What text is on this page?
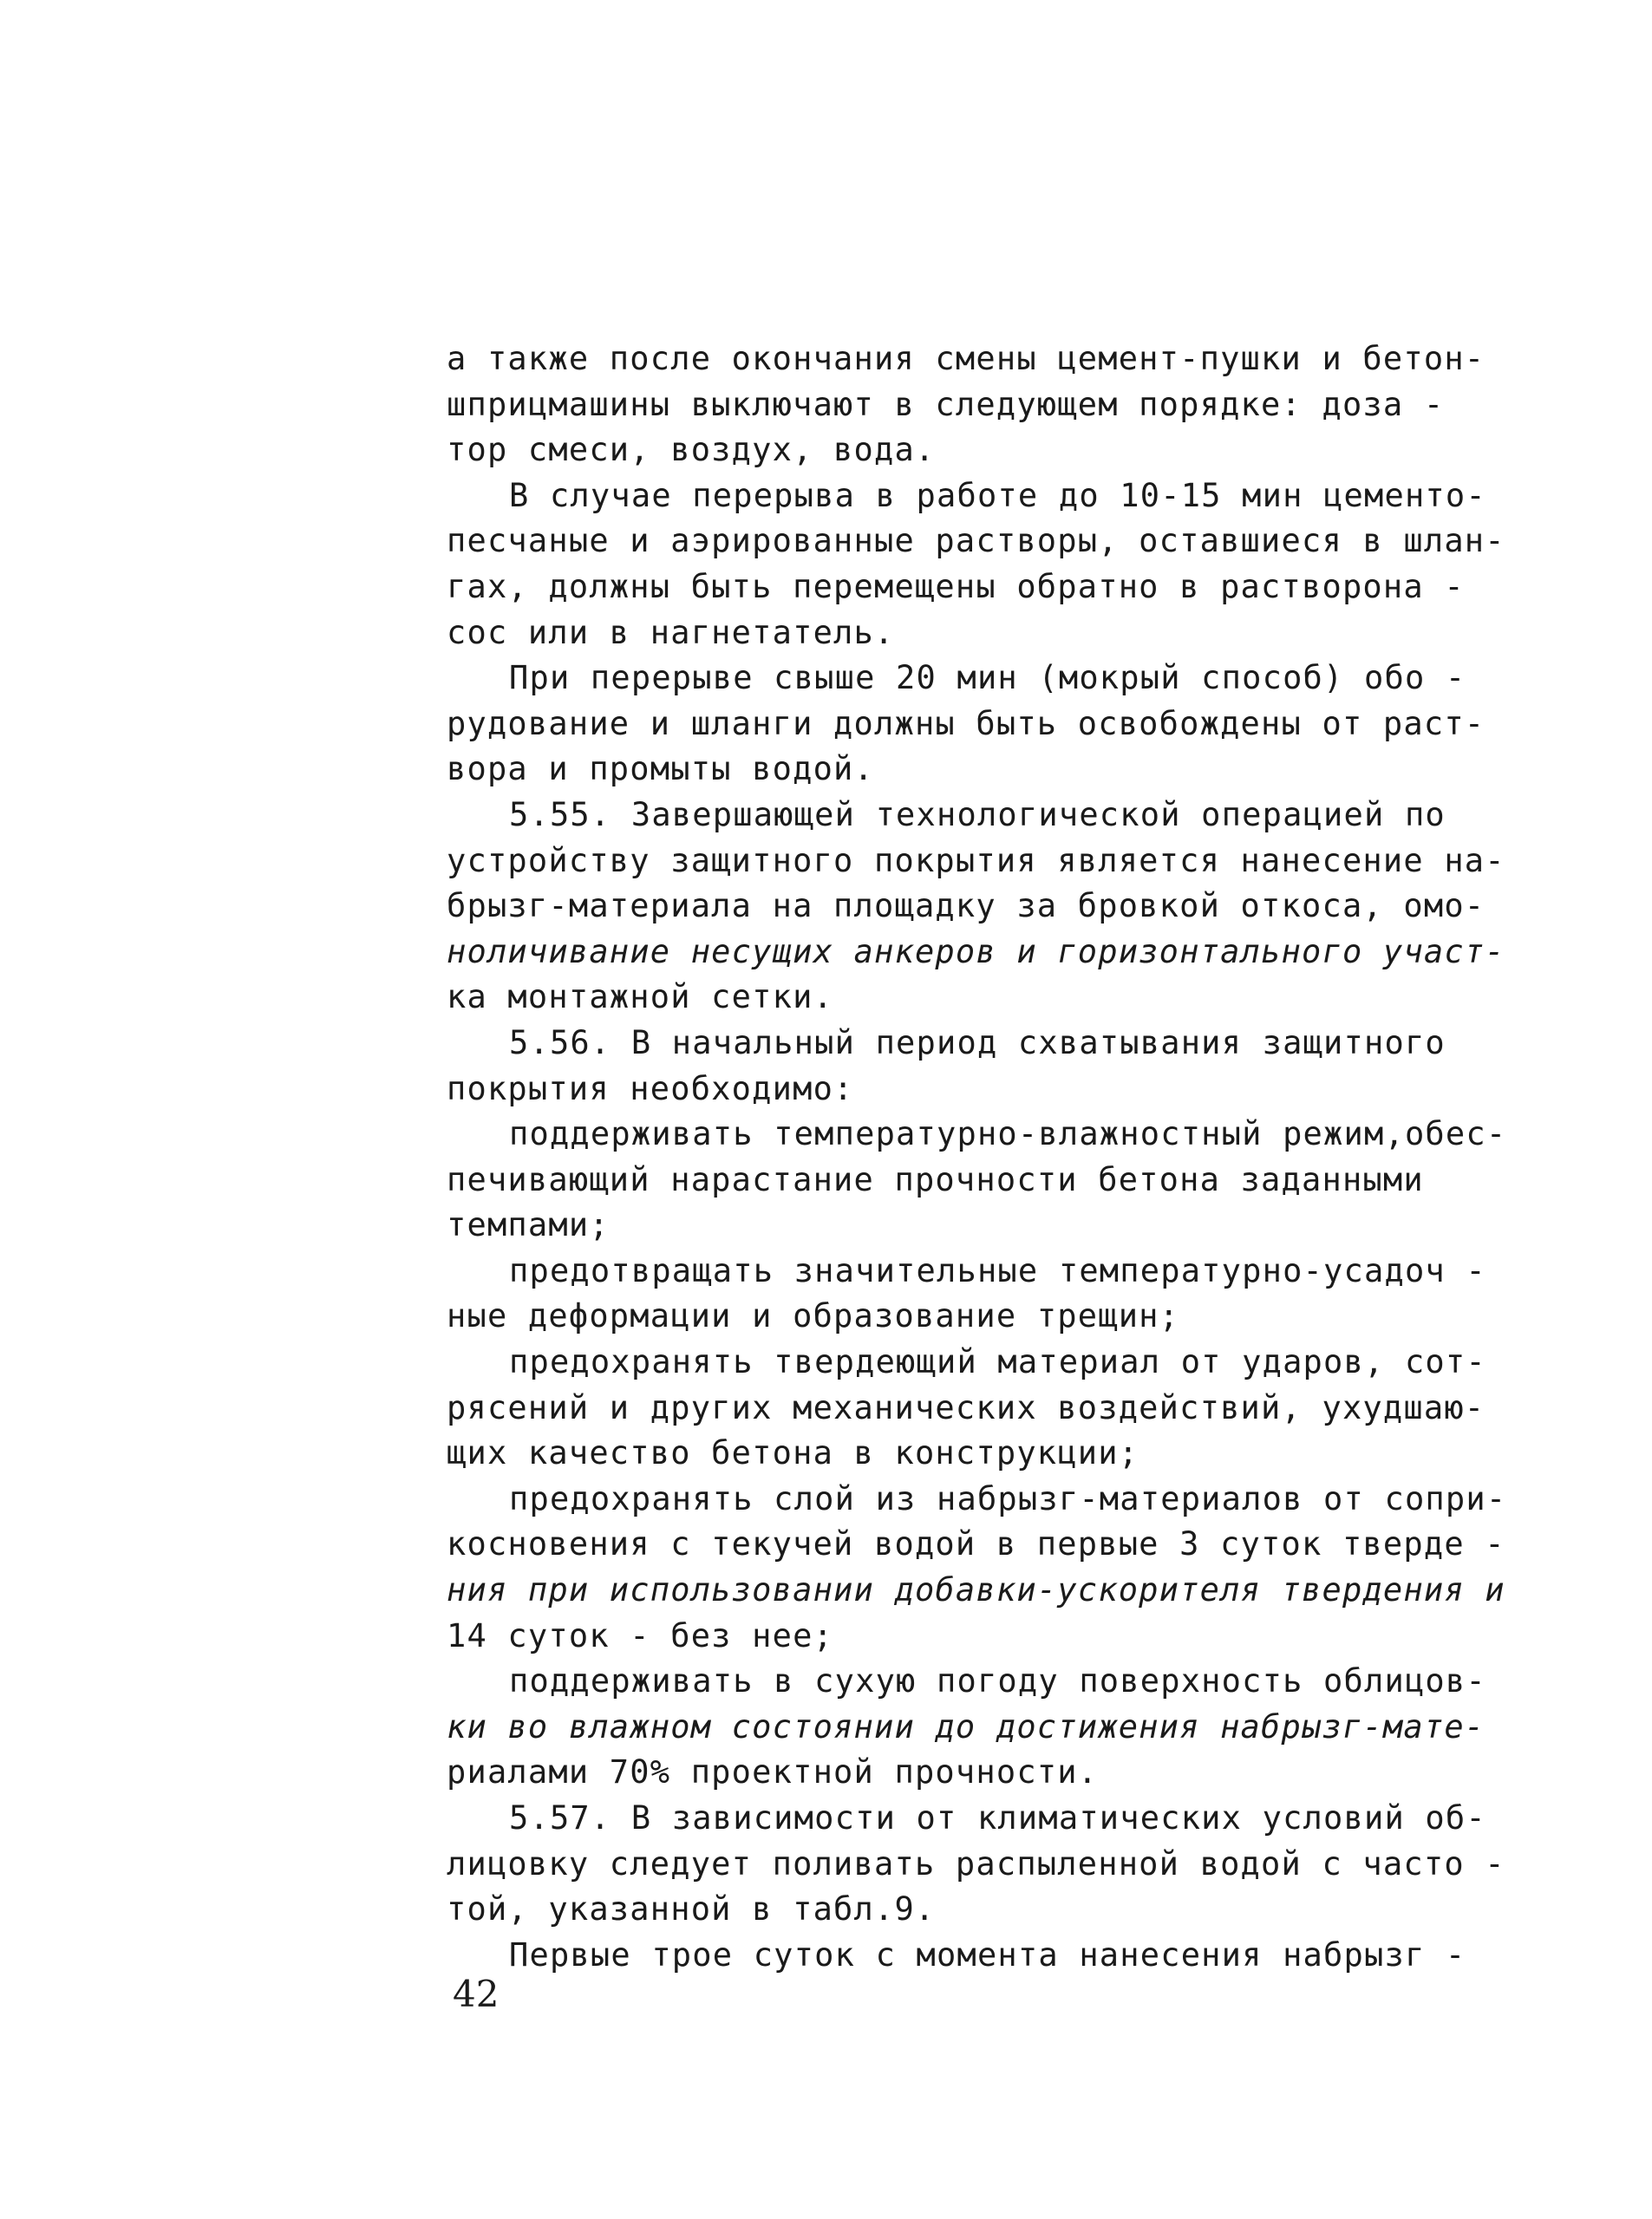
а также после окончания смены цемент-пушки и бетон-
шприцмашины выключают в следующем порядке: доза -
тор смеси, воздух, вода.
В случае перерыва в работе до 10-15 мин цементо-
песчаные и аэрированные растворы, оставшиеся в шлан-
гах, должны быть перемещены обратно в растворона -
сос или в нагнетатель.
При перерыве свыше 20 мин (мокрый способ) обо -
рудование и шланги должны быть освобождены от раст-
вора и промыты водой.
5.55. Завершающей технологической операцией по
устройству защитного покрытия является нанесение на-
брызг-материала на площадку за бровкой откоса, омо-
ноличивание несущих анкеров и горизонтального участ-
ка монтажной сетки.
5.56. В начальный период схватывания защитного
покрытия необходимо:
поддерживать температурно-влажностный режим,обес-
печивающий нарастание прочности бетона заданными
темпами;
предотвращать значительные температурно-усадоч -
ные деформации и образование трещин;
предохранять твердеющий материал от ударов, сот-
рясений и других механических воздействий, ухудшаю-
щих качество бетона в конструкции;
предохранять слой из набрызг-материалов от сопри-
косновения с текучей водой в первые 3 суток тверде -
ния при использовании добавки-ускорителя твердения и
14 суток - без нее;
поддерживать в сухую погоду поверхность облицов-
ки во влажном состоянии до достижения набрызг-мате-
риалами 70% проектной прочности.
5.57. В зависимости от климатических условий об-
лицовку следует поливать распыленной водой с часто -
той, указанной в табл.9.
Первые трое суток с момента нанесения набрызг -
42
